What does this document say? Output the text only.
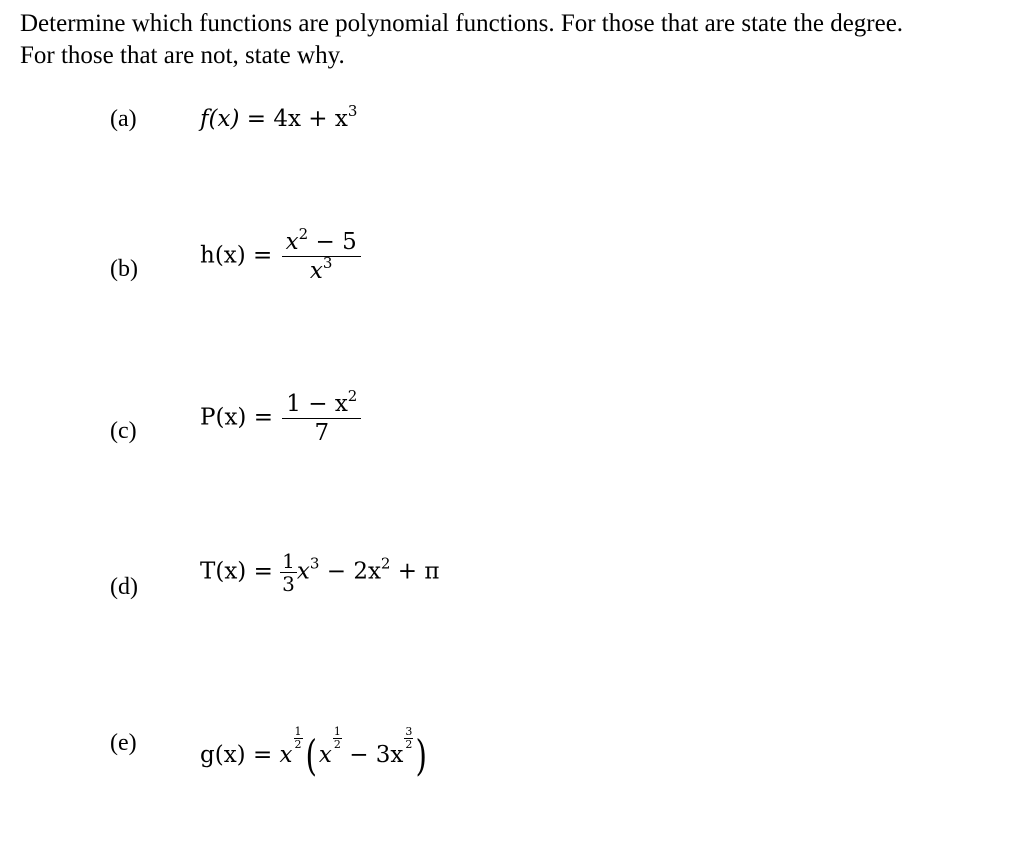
Determine which functions are polynomial functions. For those that are state the degree.
For those that are not, state why.
(a)	$f(x) = 4x + x^3$
(b)
$h(x) = \frac{x^2 - 5}{x^3}$
(c)
$P(x) = \frac{1 - x^2}{7}$
(d)
$T(x) = \frac{1}{3} x^3 - 2x^2 + \pi$
(e)	g(x) = x
$\frac{1}{2}$ ( x
$\frac{1}{2}$
− 3x
$\frac{3}{2}$ )
